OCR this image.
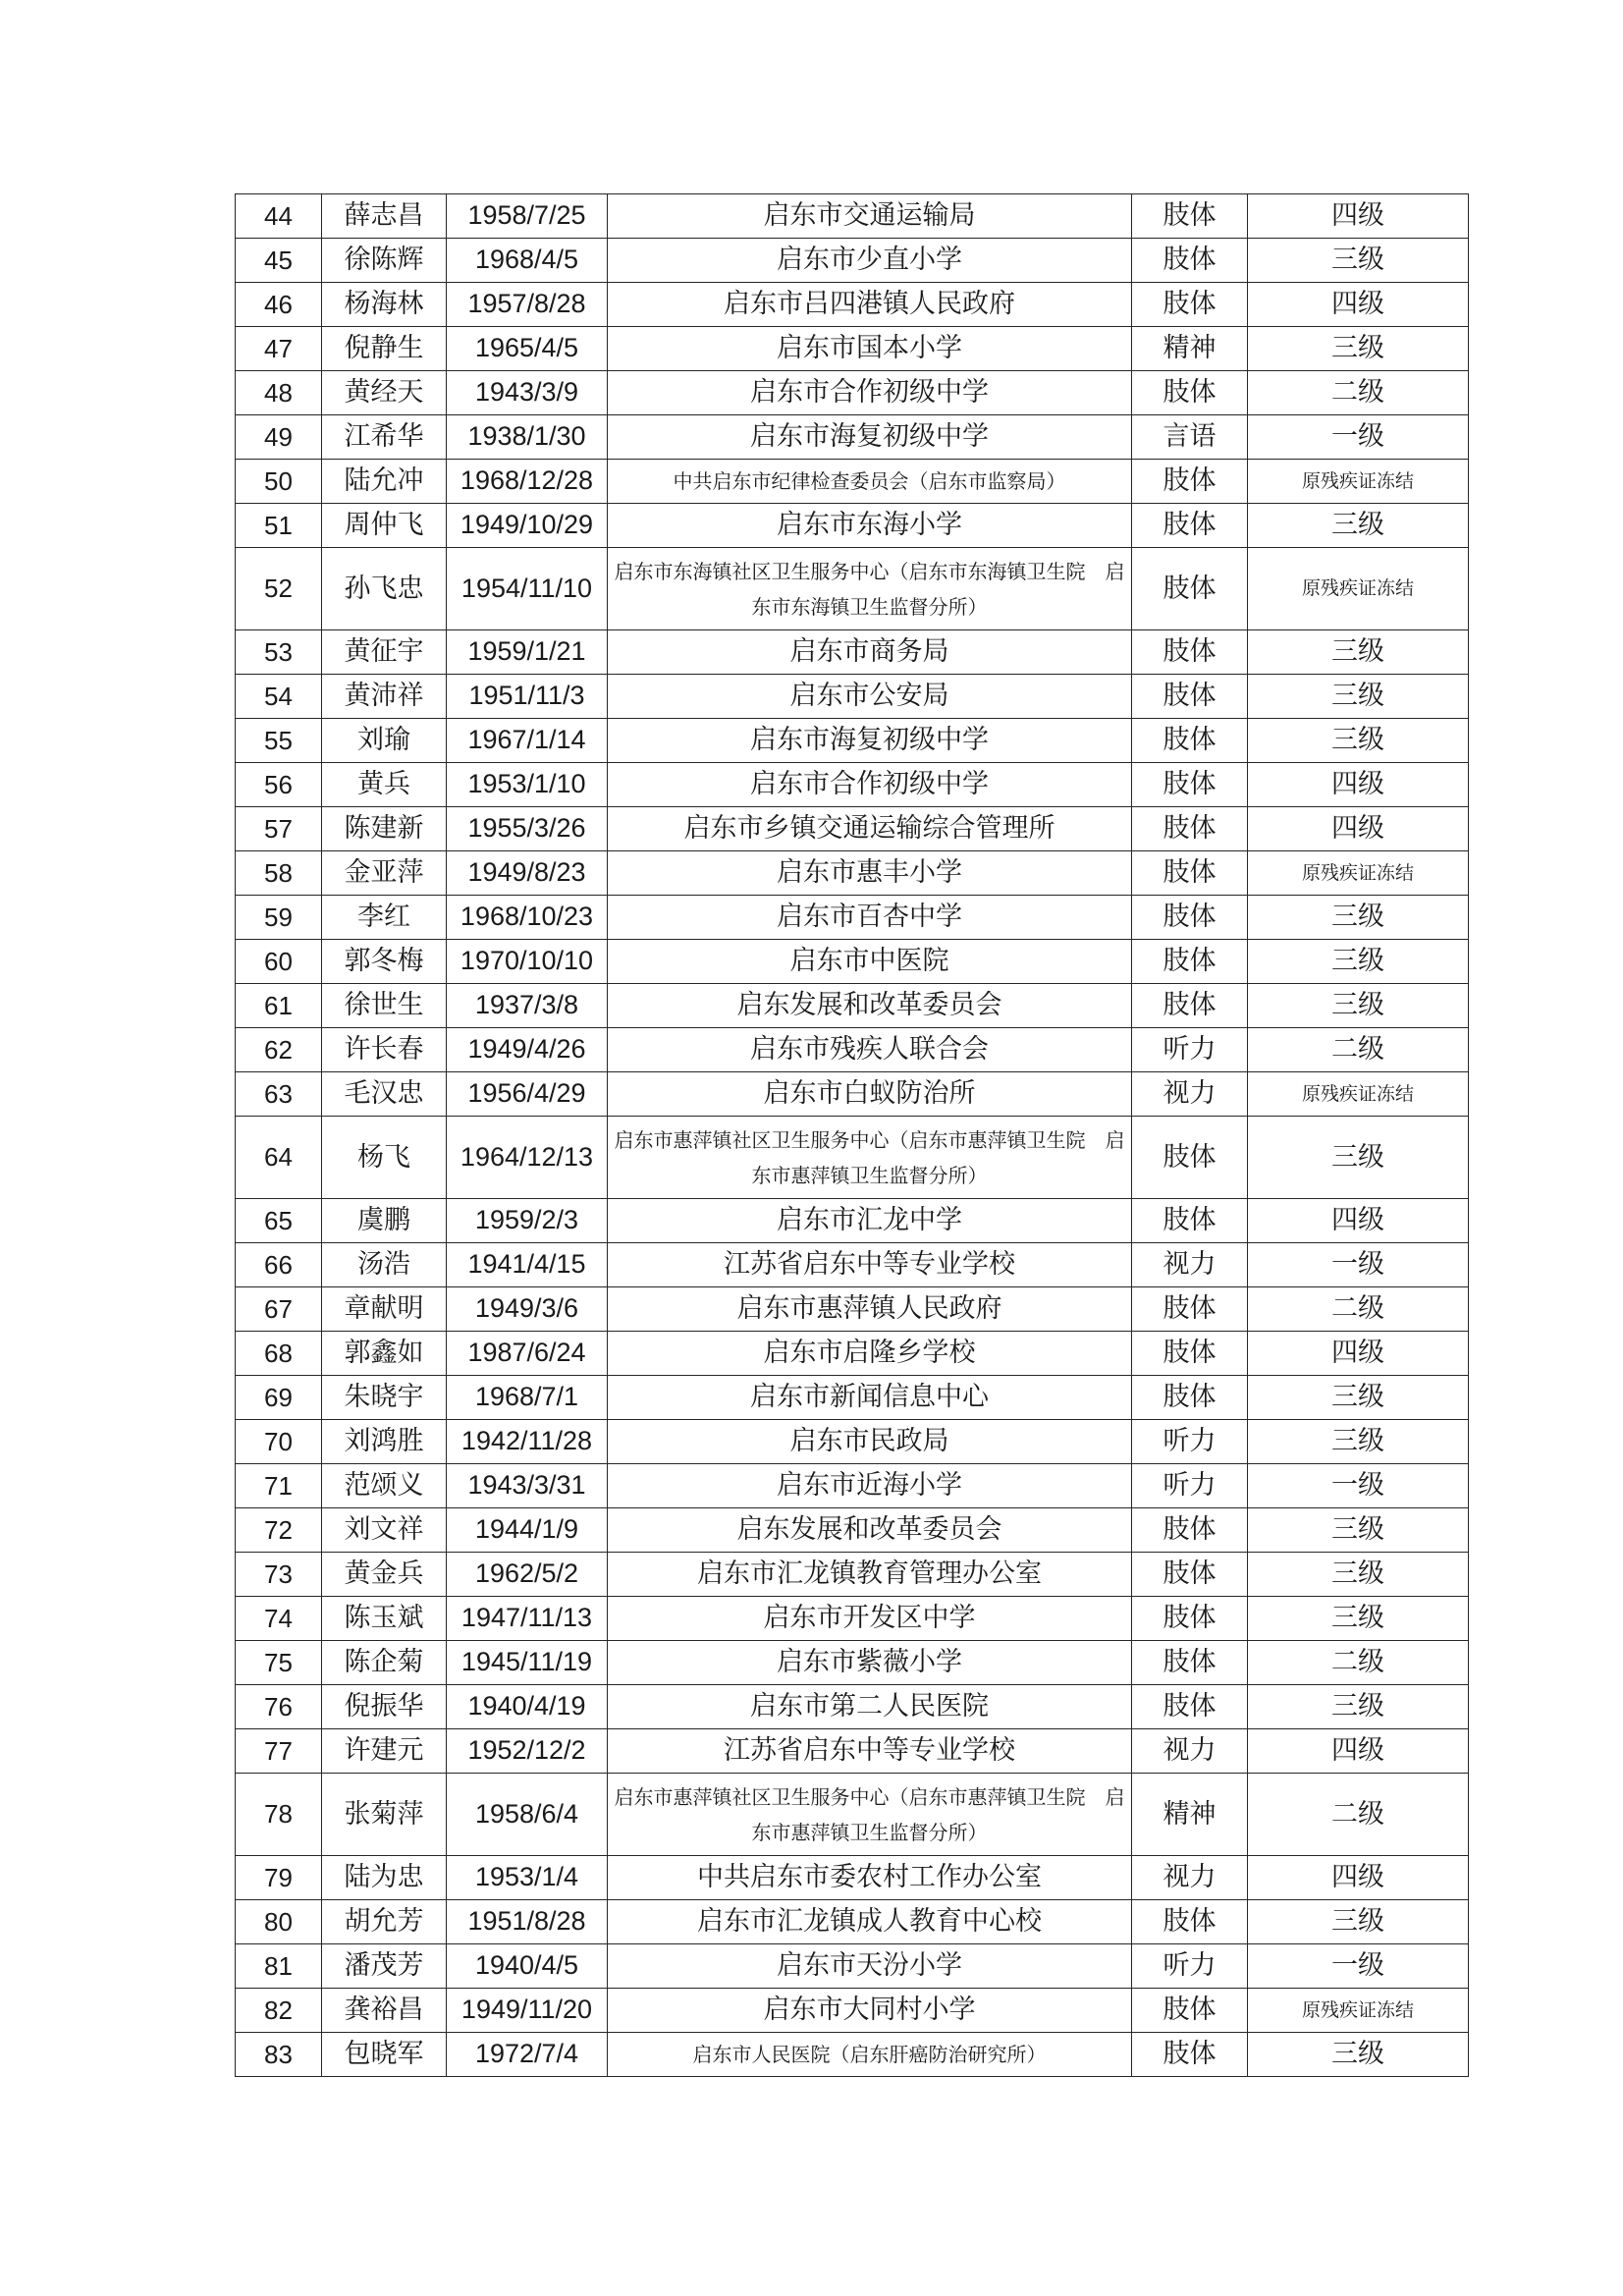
44	薛志昌	1958/7/25	启东市交通运输局	肢体	四级
45	徐陈辉	1968/4/5	启东市少直小学	肢体	三级
46	杨海林	1957/8/28	启东市吕四港镇人民政府	肢体	四级
47	倪静生	1965/4/5	启东市国本小学	精神	三级
48	黄经天	1943/3/9	启东市合作初级中学	肢体	二级
49	江希华	1938/1/30	启东市海复初级中学	言语	一级
50	陆允冲	1968/12/28	中共启东市纪律检查委员会（启东市监察局）	肢体	原残疾证冻结
51	周仲飞	1949/10/29	启东市东海小学	肢体	三级
52	孙飞忠	1954/11/10	启东市东海镇社区卫生服务中心（启东市东海镇卫生院　启东市东海镇卫生监督分所）	肢体	原残疾证冻结
53	黄征宇	1959/1/21	启东市商务局	肢体	三级
54	黄沛祥	1951/11/3	启东市公安局	肢体	三级
55	刘瑜	1967/1/14	启东市海复初级中学	肢体	三级
56	黄兵	1953/1/10	启东市合作初级中学	肢体	四级
57	陈建新	1955/3/26	启东市乡镇交通运输综合管理所	肢体	四级
58	金亚萍	1949/8/23	启东市惠丰小学	肢体	原残疾证冻结
59	李红	1968/10/23	启东市百杏中学	肢体	三级
60	郭冬梅	1970/10/10	启东市中医院	肢体	三级
61	徐世生	1937/3/8	启东发展和改革委员会	肢体	三级
62	许长春	1949/4/26	启东市残疾人联合会	听力	二级
63	毛汉忠	1956/4/29	启东市白蚁防治所	视力	原残疾证冻结
64	杨飞	1964/12/13	启东市惠萍镇社区卫生服务中心（启东市惠萍镇卫生院　启东市惠萍镇卫生监督分所）	肢体	三级
65	虞鹏	1959/2/3	启东市汇龙中学	肢体	四级
66	汤浩	1941/4/15	江苏省启东中等专业学校	视力	一级
67	章献明	1949/3/6	启东市惠萍镇人民政府	肢体	二级
68	郭鑫如	1987/6/24	启东市启隆乡学校	肢体	四级
69	朱晓宇	1968/7/1	启东市新闻信息中心	肢体	三级
70	刘鸿胜	1942/11/28	启东市民政局	听力	三级
71	范颂义	1943/3/31	启东市近海小学	听力	一级
72	刘文祥	1944/1/9	启东发展和改革委员会	肢体	三级
73	黄金兵	1962/5/2	启东市汇龙镇教育管理办公室	肢体	三级
74	陈玉斌	1947/11/13	启东市开发区中学	肢体	三级
75	陈企菊	1945/11/19	启东市紫薇小学	肢体	二级
76	倪振华	1940/4/19	启东市第二人民医院	肢体	三级
77	许建元	1952/12/2	江苏省启东中等专业学校	视力	四级
78	张菊萍	1958/6/4	启东市惠萍镇社区卫生服务中心（启东市惠萍镇卫生院　启东市惠萍镇卫生监督分所）	精神	二级
79	陆为忠	1953/1/4	中共启东市委农村工作办公室	视力	四级
80	胡允芳	1951/8/28	启东市汇龙镇成人教育中心校	肢体	三级
81	潘茂芳	1940/4/5	启东市天汾小学	听力	一级
82	龚裕昌	1949/11/20	启东市大同村小学	肢体	原残疾证冻结
83	包晓军	1972/7/4	启东市人民医院（启东肝癌防治研究所）	肢体	三级
